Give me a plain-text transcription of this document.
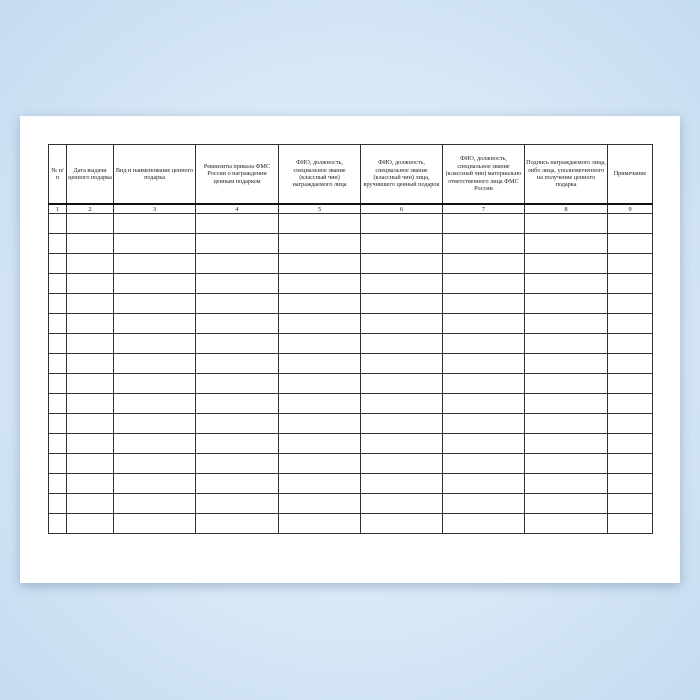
№ п/п	Дата выдачи ценного подарка	Вид и наименование ценного подарка	Реквизиты приказа ФМС России о награждении ценным подарком	ФИО, должность, специальное звание (классный чин) награждаемого лица	ФИО, должность, специальное звание (классный чин) лица, вручившего ценный подарок	ФИО, должность, специальное звание (классный чин) материально ответственного лица ФМС России	Подпись награждаемого лица, либо лица, уполномоченного на получение ценного подарка	Примечание
1	2	3	4	5	6	7	8	9
